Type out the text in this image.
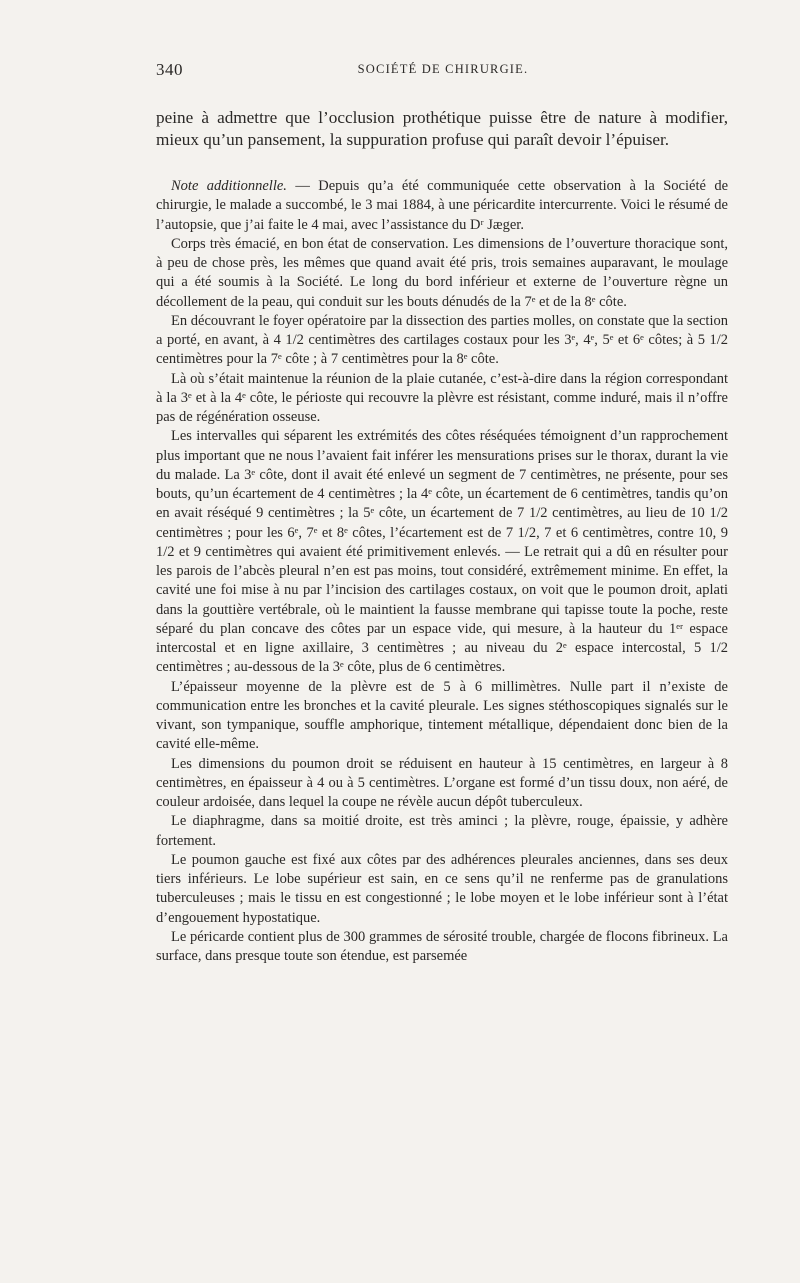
340	SOCIÉTÉ DE CHIRURGIE.

peine à admettre que l’occlusion prothétique puisse être de nature à modifier, mieux qu’un pansement, la suppuration profuse qui paraît devoir l’épuiser.

Note additionnelle. — Depuis qu’a été communiquée cette observation à la Société de chirurgie, le malade a succombé, le 3 mai 1884, à une péricardite intercurrente. Voici le résumé de l’autopsie, que j’ai faite le 4 mai, avec l’assistance du Dʳ Jæger.

Corps très émacié, en bon état de conservation. Les dimensions de l’ouverture thoracique sont, à peu de chose près, les mêmes que quand avait été pris, trois semaines auparavant, le moulage qui a été soumis à la Société. Le long du bord inférieur et externe de l’ouverture règne un décollement de la peau, qui conduit sur les bouts dénudés de la 7ᵉ et de la 8ᵉ côte.

En découvrant le foyer opératoire par la dissection des parties molles, on constate que la section a porté, en avant, à 4 1/2 centimètres des cartilages costaux pour les 3ᵉ, 4ᵉ, 5ᵉ et 6ᵉ côtes; à 5 1/2 centimètres pour la 7ᵉ côte ; à 7 centimètres pour la 8ᵉ côte.

Là où s’était maintenue la réunion de la plaie cutanée, c’est-à-dire dans la région correspondant à la 3ᵉ et à la 4ᵉ côte, le périoste qui recouvre la plèvre est résistant, comme induré, mais il n’offre pas de régénération osseuse.

Les intervalles qui séparent les extrémités des côtes réséquées témoignent d’un rapprochement plus important que ne nous l’avaient fait inférer les mensurations prises sur le thorax, durant la vie du malade. La 3ᵉ côte, dont il avait été enlevé un segment de 7 centimètres, ne présente, pour ses bouts, qu’un écartement de 4 centimètres ; la 4ᵉ côte, un écartement de 6 centimètres, tandis qu’on en avait réséqué 9 centimètres ; la 5ᵉ côte, un écartement de 7 1/2 centimètres, au lieu de 10 1/2 centimètres ; pour les 6ᵉ, 7ᵉ et 8ᵉ côtes, l’écartement est de 7 1/2, 7 et 6 centimètres, contre 10, 9 1/2 et 9 centimètres qui avaient été primitivement enlevés. — Le retrait qui a dû en résulter pour les parois de l’abcès pleural n’en est pas moins, tout considéré, extrêmement minime. En effet, la cavité une foi mise à nu par l’incision des cartilages costaux, on voit que le poumon droit, aplati dans la gouttière vertébrale, où le maintient la fausse membrane qui tapisse toute la poche, reste séparé du plan concave des côtes par un espace vide, qui mesure, à la hauteur du 1ᵉʳ espace intercostal et en ligne axillaire, 3 centimètres ; au niveau du 2ᵉ espace intercostal, 5 1/2 centimètres ; au-dessous de la 3ᵉ côte, plus de 6 centimètres.

L’épaisseur moyenne de la plèvre est de 5 à 6 millimètres. Nulle part il n’existe de communication entre les bronches et la cavité pleurale. Les signes stéthoscopiques signalés sur le vivant, son tympanique, souffle amphorique, tintement métallique, dépendaient donc bien de la cavité elle-même.

Les dimensions du poumon droit se réduisent en hauteur à 15 centimètres, en largeur à 8 centimètres, en épaisseur à 4 ou à 5 centimètres. L’organe est formé d’un tissu doux, non aéré, de couleur ardoisée, dans lequel la coupe ne révèle aucun dépôt tuberculeux.

Le diaphragme, dans sa moitié droite, est très aminci ; la plèvre, rouge, épaissie, y adhère fortement.

Le poumon gauche est fixé aux côtes par des adhérences pleurales anciennes, dans ses deux tiers inférieurs. Le lobe supérieur est sain, en ce sens qu’il ne renferme pas de granulations tuberculeuses ; mais le tissu en est congestionné ; le lobe moyen et le lobe inférieur sont à l’état d’engouement hypostatique.

Le péricarde contient plus de 300 grammes de sérosité trouble, chargée de flocons fibrineux. La surface, dans presque toute son étendue, est parsemée
